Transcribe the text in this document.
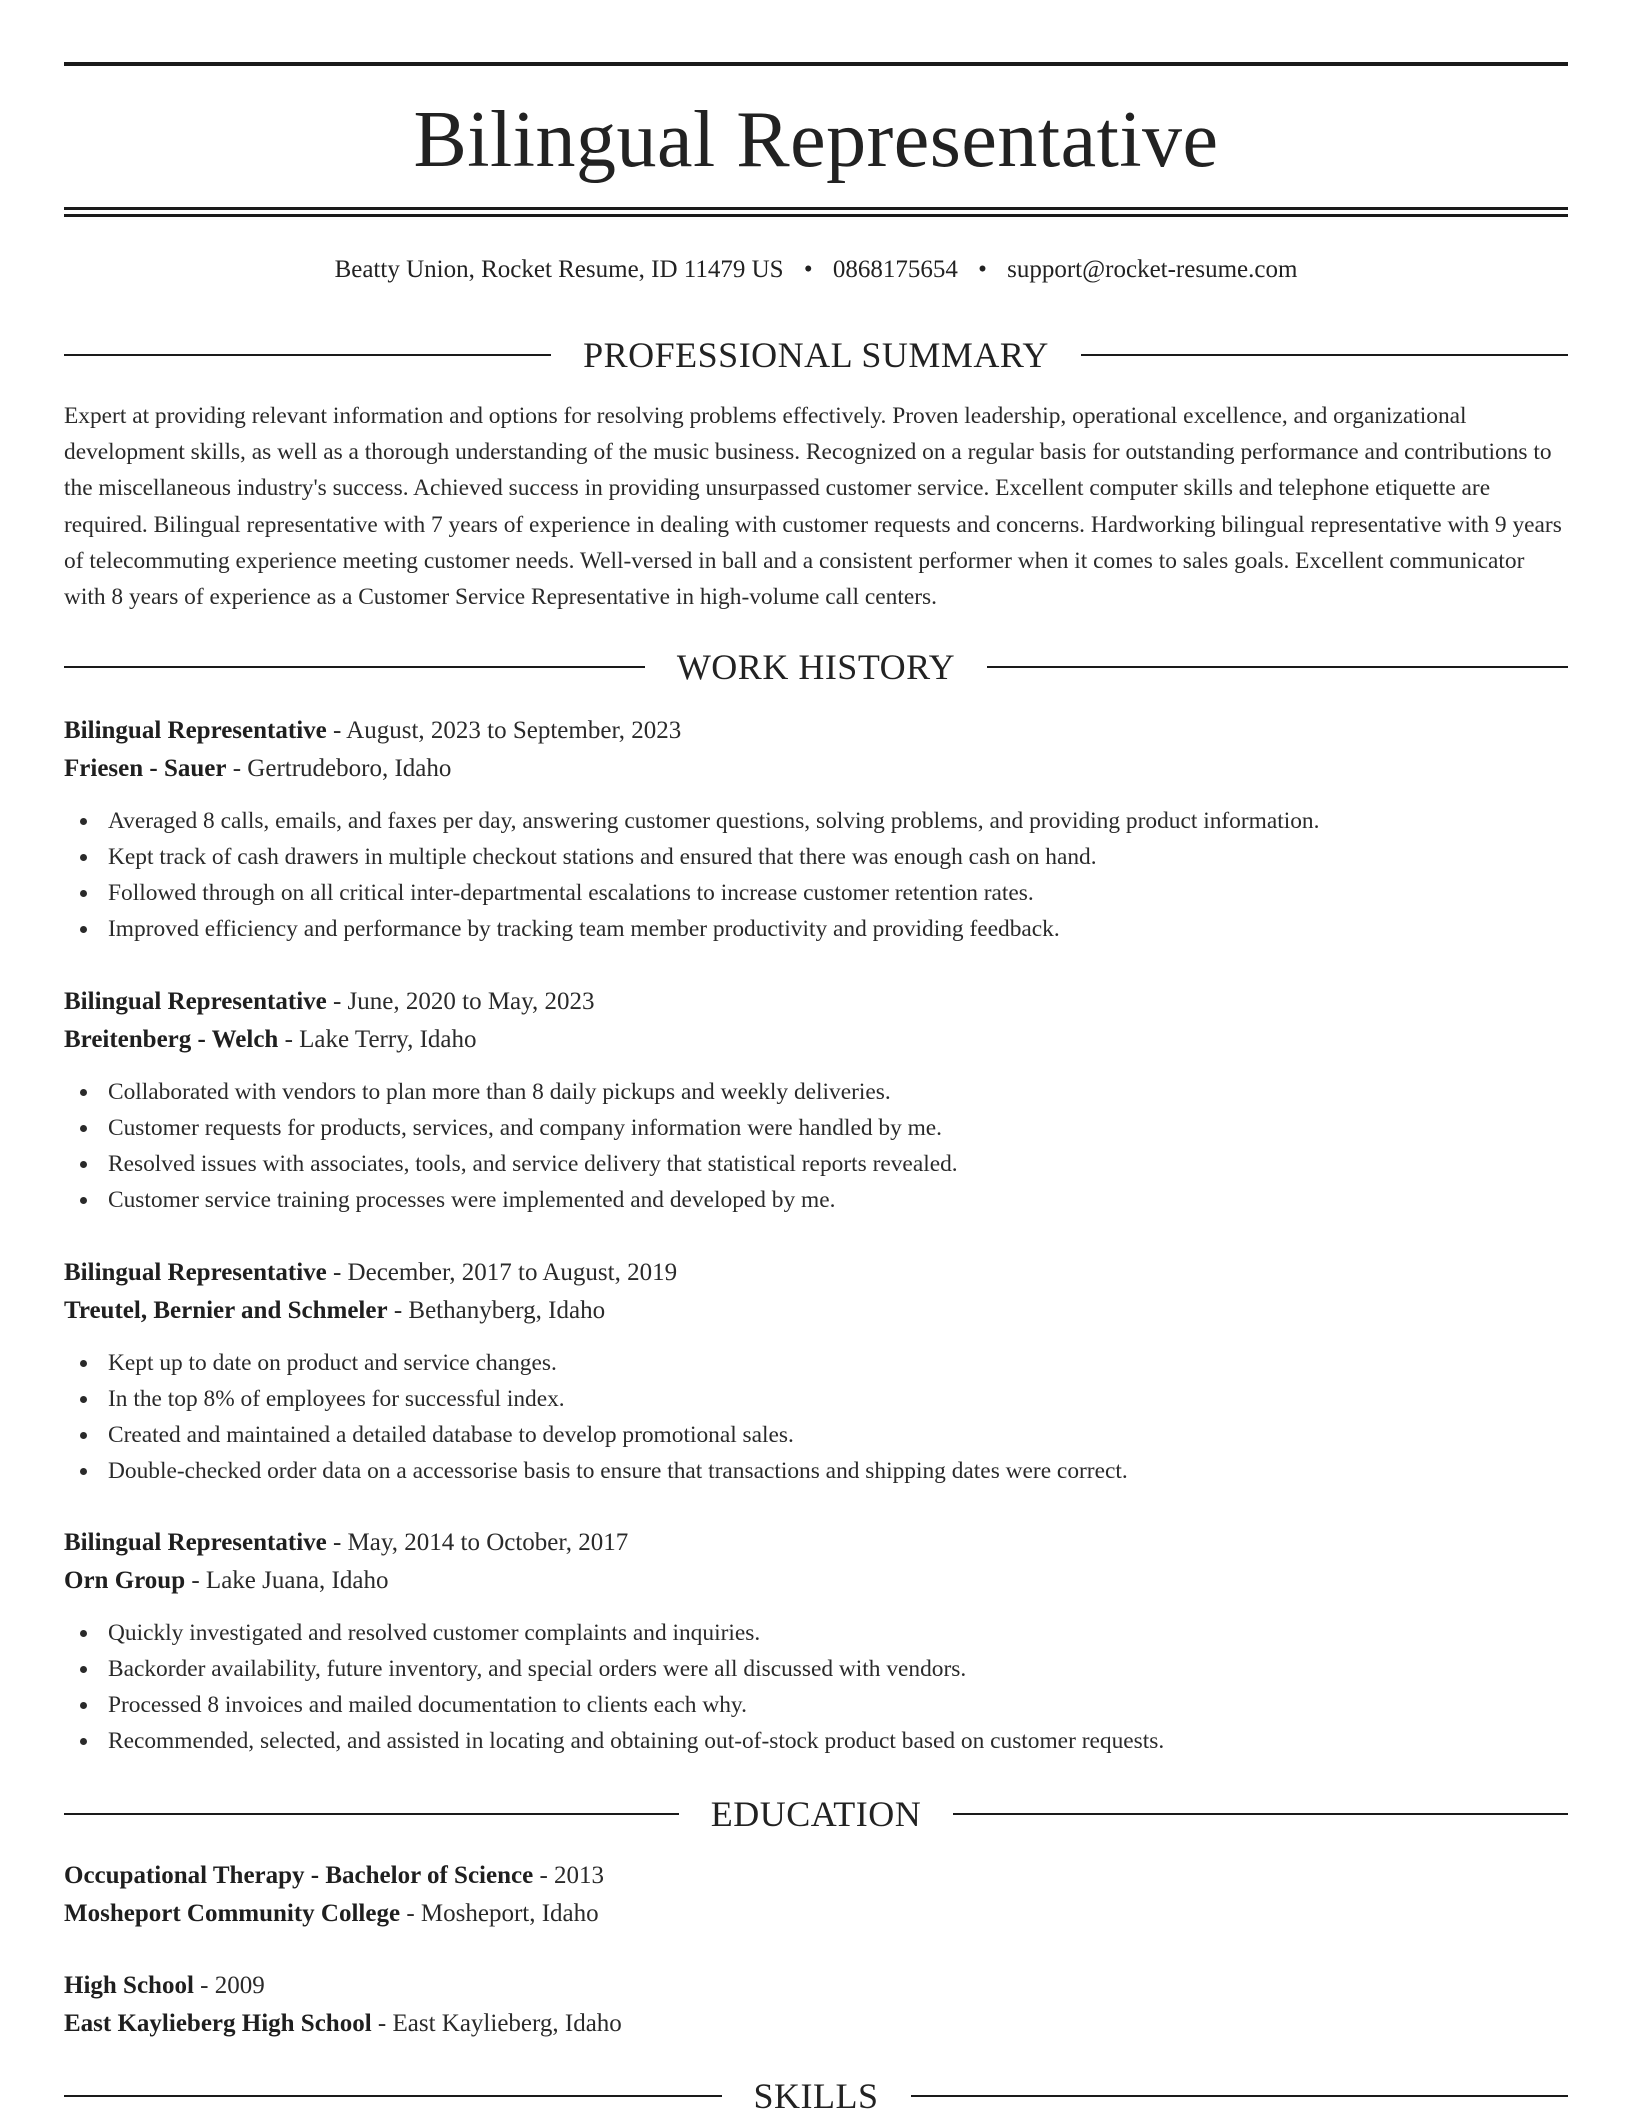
Bilingual Representative
Beatty Union, Rocket Resume, ID 11479 US • 0868175654 • support@rocket-resume.com
PROFESSIONAL SUMMARY

Expert at providing relevant information and options for resolving problems effectively. Proven leadership, operational excellence, and organizational development skills, as well as a thorough understanding of the music business. Recognized on a regular basis for outstanding performance and contributions to the miscellaneous industry's success. Achieved success in providing unsurpassed customer service. Excellent computer skills and telephone etiquette are required. Bilingual representative with 7 years of experience in dealing with customer requests and concerns. Hardworking bilingual representative with 9 years of telecommuting experience meeting customer needs. Well-versed in ball and a consistent performer when it comes to sales goals. Excellent communicator with 8 years of experience as a Customer Service Representative in high-volume call centers.

WORK HISTORY
Bilingual Representative - August, 2023 to September, 2023
Friesen - Sauer - Gertrudeboro, Idaho
Averaged 8 calls, emails, and faxes per day, answering customer questions, solving problems, and providing product information.
Kept track of cash drawers in multiple checkout stations and ensured that there was enough cash on hand.
Followed through on all critical inter-departmental escalations to increase customer retention rates.
Improved efficiency and performance by tracking team member productivity and providing feedback.
Bilingual Representative - June, 2020 to May, 2023
Breitenberg - Welch - Lake Terry, Idaho
Collaborated with vendors to plan more than 8 daily pickups and weekly deliveries.
Customer requests for products, services, and company information were handled by me.
Resolved issues with associates, tools, and service delivery that statistical reports revealed.
Customer service training processes were implemented and developed by me.
Bilingual Representative - December, 2017 to August, 2019
Treutel, Bernier and Schmeler - Bethanyberg, Idaho
Kept up to date on product and service changes.
In the top 8% of employees for successful index.
Created and maintained a detailed database to develop promotional sales.
Double-checked order data on a accessorise basis to ensure that transactions and shipping dates were correct.
Bilingual Representative - May, 2014 to October, 2017
Orn Group - Lake Juana, Idaho
Quickly investigated and resolved customer complaints and inquiries.
Backorder availability, future inventory, and special orders were all discussed with vendors.
Processed 8 invoices and mailed documentation to clients each why.
Recommended, selected, and assisted in locating and obtaining out-of-stock product based on customer requests.
EDUCATION
Occupational Therapy - Bachelor of Science - 2013
Mosheport Community College - Mosheport, Idaho
High School - 2009
East Kaylieberg High School - East Kaylieberg, Idaho
SKILLS
